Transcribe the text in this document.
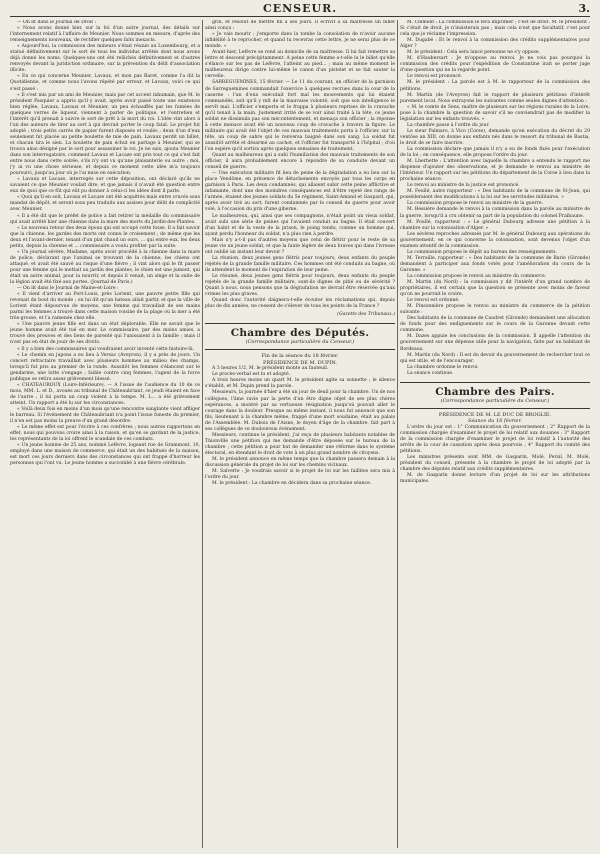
CENSEUR.	3.

— On lit dans le Journal de Droit :

« Nous avons donné hier, sur la foi d'un autre journal, des détails sur l'internement relatif à l'affaire de Meunier. Nous sommes en mesure, d'après des renseignements nouveaux, de rectifier quelques faits inexacts.

« Aujourd'hui, la commission des mineurs s'était réunie au Luxembourg, et a statué définitivement sur le sort de tous les individus arrêtés dont nous avons déjà donné les noms. Quelques-uns ont été relâchés définitivement et d'autres renvoyés devant la juridiction ordinaire, sur la prévention du délit d'association illicite.

« En ce qui concerne Meunier, Lavaux, et mon pas Baret, comme l'a dit la Quotidienne, et comme nous l'avons répété par erreur, et Lavaux, voici ce qui s'est passé :

« Il s'est mis par un ami de Meunier, mais par cet accent inhumain, que M. le président Pasquier a appris qu'il y avait, après avoir passé toute une existence bien réglée, Lavaux, Lavaux et Meunier, un peu échauffés par les fumées de quelques verres de liqueur, viennent à parler de politique, et l'entretien et l'intérêt qu'il prenait à suivre le sort de prêt à la mort du roi. L'idée vint alors à l'un des auteurs de tirer au sort à qui devrait porter le coup fatal. Le projet fut adopté ; trois petits carrés de papier furent disposés et roulés ; deux d'un d'eux seulement fut placée au petite boulette de mie de pain. Lavaux perdit un billet, et chacun tira le sien. La boulette de pain échut en partage à Meunier, qui se trouva ainsi désigné par le sort pour assassiner le roi. Je ne sais, ajouta Meunier dans son interrogatoire, comment Lavaux et Lacaze ont pris tout ce qui s'est fait entre nous dans cette soirée, s'ils n'y ont vu qu'une plaisanterie ou autre ; moi, j'y ai vu une chose sérieuse, et depuis ce moment cette idée m'a toujours poursuivi, jusqu'au jour où je l'ai mise en exécution.

« Lavaux et Lacaze, interrogés sur cette déposition, ont déclaré qu'ils ne savaient ce que Meunier voulait dire, et que jamais il n'avait été question entre eux de quoi que ce fût qui eût pu donner à celui-ci les idées dont il parle.

« Quoi qu'il en soit, Lavaux et Lacaze ont été acquittés mais entre crucés sous mandat de dépôt, et seront sous peu traduits aux assises pour délit de complicité avec Meunier.

« Il a été dit que le préfet de police a fait retirer la médaille du commissaire qui avait arrêté hier une chienne dans la mare des morts du Jardin-des-Plantes.

« Le nouveau retour des deux époux qui ont occupé cette fosse. Il a fait savoir que la chienne, les gardes des morts ont connu le croisement ; de même que les deux et l'avant-dernier, tenant d'un plat chaud un ours, ... qui entre eux, les deux petits, depuis la chienne et ... commissaire a voulu profiter par la suite.

« Un journal sévère, Madame, après avoir procédé à la chienne dans la mare de police, déclarant que l'animal se trouvant de la chienne, les chiens ont attaqué, et avait été sauvé au risque d'une fièvre ; il vint alors qui le fit passer pour une femme qui le mettait au jardin des plantes, le chien est une jument, qui était un autre animal, pour la nourrir, et depuis il venait, un singe et la suite de la légion avait été fixé aux portes. (Journal de Paris.)

— On lit dans le Journal de Maine-et-Loire :

« Il vient d'arriver au Port-Louis, près Lorient, une pauvre petite fille qui revenait du bout du monde ; on lui dit qu'un bateau allait partir, et que la ville de Lorient étant dépourvue de moyens, une femme qui travaillait de ses mains parmi les femmes a trouvé dans cette maison voisine de la plage où la mer a été très-grosse, et l'a ramenée chez elle.

« Une pauvre jeune fille est dans un état déplorable. Elle ne savait que le jeune homme avait été tué en mer. Le commissaire, par des mains amies, a trouvé des preuves et des liens de parenté qui l'unissaient à la famille ; mais il n'est pas en état de jouir de ses droits.

« Il y a bien des commissaires qui voudraient avoir inventé cette histoire-là.

« Le chemin en jupons a eu lieu à Versac (Aveyron), il y a près de jours. Un concert refractaire travaillait avec plusieurs hommes au milieu des champs, lorsqu'il fut pris au premier de la ronde. Aussitôt les femmes s'élancent sur le gendarme, une lutte s'engage ; faible contre cinq femmes, l'agent de la force publique se retira assez grièvement blessé.

« CHATEAUROUX (Loire-Inférieure). — A l'issue de l'audience du 10 de ce mois, MM. L. et D., avoués au tribunal de Châteaubriant, ce jeudi étaient en face de l'autre ; il lui porta un coup violent à la tempe. M. L... a été grièvement atteint. Un rapport a été lu sur les circonstances.

« Voilà deux fois en moins d'un mois qu'une rencontre sanglante vient affliger le barreau. Si l'événement de Châteaubriant n'a point l'issue funeste du premier, il n'en est pas moins la preuve d'un grand désordre.

« Le même effet est pour l'écrire à ces confrères ; nous autres rapportons en effet, nous qui pouvons croire ainsi à la raison, et qu'en se gardant de la justice, les représentants de la loi offrent le scandale de ces combats.

« Un jeune homme de 25 ans, nommé Lefèvre, logeant rue de Grammont, 10, employé dans une maison de commerce, qui était un des habitués de la maison, est mort ces jours derniers dans des circonstances qui ont frappé d'horreur les personnes qui l'ont vu. Le jeune homme a succombé à une fièvre cérébrale.

grin, et résolut de mettre fin à ses jours. Il écrivit à sa maîtresse un billet ainsi conçu :

« Je vais mourir ; j'emporte dans la tombe la consolation de n'avoir aucune infidélité à te reprocher, et quand tu recevras cette lettre, je ne serai plus de ce monde. »

Avant-hier, Lefèvre se rend au domicile de sa maîtresse. Il lui fait remettre sa lettre et descend précipitamment. A peine cette femme a-t-elle lu le billet qu'elle s'élance sur les pas de Lefèvre, l'atteint au pied... ; mais au même moment le malheureux dirige contre lui-même le canon d'un pistolet et se fait sauter la cervelle.

SARREGUEMINES, 15 février. — Le 11 du courant, un officier de la garnison de Sarreguemines commandait l'exercice à quelques recrues dans la cour de la caserne : l'un d'eux exécutait fort mal les mouvements qui lui étaient commandés, soit qu'il y mît de la mauvaise volonté, soit que son intelligence le servît mal. L'officier s'emporta et le frappa à plusieurs reprises de la cravache qu'il tenait à la main. Justement irrité de se voir ainsi traité à la tête, ce jeune soldat ne dissimula pas son mécontentement, et menaça son officier ; la réponse à cette menace avait été un nouveau coup de cravache à travers la figure. Le militaire qui avait été l'objet de ces mauvais traitements porta à l'officier, sur la tête, un coup de sabre qui le renversa baigné dans son sang. La soldat fut aussitôt arrêté et désarmé au cachot, et l'officier fut transporté à l'hôpital ; d'où l'on espère qu'il sortira après quelques semaines de traitement.

Quant au malheureux qui a subi l'humiliation des mauvais traitements de son officier, il aura probablement encore à répondre de sa conduite devant un conseil de guerre.

— Une exécution militaire fit lieu de peine de la dégradation a eu lieu sur la place Vendôme, en présence de détachements envoyés par tous les corps en garnison à Paris. Les deux condamnés, qui allaient subir cette peine afflictive et infamante, dont une des moindres conséquences est d'être rejeté des rangs de l'armée, étaient des jeunes soldats du 5e régiment, Saint-Amand et Gaspard, qui, après avoir tiré au sort, furent condamnés par le conseil de guerre pour avoir volé, à l'occasion du prix d'une giberne.

Le malheureux, qui, ainsi que ses compagnons, n'était point un vieux soldat, avait subi une série de peines qui l'avaient conduit au bagne. Il était couvert d'un habit et de la veste de la prison, le poing tendu, comme un homme qui, ayant perdu l'honneur du soldat, n'a plus rien à perdre.

Mais n'y a-t-il pas d'autres moyens que celui de flétrir pour le reste de sa jeune vie un jeune soldat, et que la faute légère de deux braves qui dans l'ivresse ont oublié un instant leur devoir ?

La réunion, deux jeunes gens flétris pour toujours, deux enfants du peuple rejetés de la grande famille militaire. Ces hommes ont été conduits au bagne, où ils attendent le moment de l'expiration de leur peine.

Le résumé, deux jeunes gens flétris pour toujours, deux enfants du peuple rejetés de la grande famille militaire, sont-ils dignes de pitié ou de sévérité ? Quant à nous, nous pensons que la dégradation ne devrait être réservée qu'aux crimes les plus graves.

Quand donc l'autorité daignera-t-elle écouter les réclamations qui, depuis plus de dix années, ne cessent de s'élever de tous les points de la France ?

(Gazette des Tribunaux.)

Chambre des Députés.
(Correspondance particulière du Censeur.)

Fin de la séance du 18 février.

PRÉSIDENCE DE M. DUPIN.

A 3 heures 1/2, M. le président monte au fauteuil.

Le procès-verbal est lu et adopté.

A trois heures moins un quart M. le président agite sa sonnette ; le silence s'établit, et M. Dupin prend la parole.

Messieurs, la journée d'hier a été un jour de deuil pour la chambre. Un de nos collègues, l'âme ravie par la perte d'un être digne objet de ses plus chères espérances, a montré par sa vertueuse résignation jusqu'où pouvait aller le courage dans la douleur. Presque au même instant, il nous fut annoncé que son fils, lieutenant à la chambre même, frappé d'une mort soudaine, était au palais de l'Assemblée. M. Dubois de l'Aisne, le doyen d'âge de la chambre, fait part à ses collègues de ce douloureux événement.

Messieurs, continue le président, j'ai reçu de plusieurs habitants notables de Thionville une pétition qui me demande d'être déposée sur le bureau de la chambre ; cette pétition a pour but de demander une réforme dans le système électoral, en étendant le droit de vote à un plus grand nombre de citoyens.

M. le président annonce en même temps que la chambre passera demain à la discussion générale du projet de loi sur les chemins vicinaux.

M. Salverte : Je voudrais savoir si le projet de loi sur les faillites sera mis à l'ordre du jour.

M. le président : La chambre en décidera dans sa prochaine séance.

M. Clément : La commission le fera imprimer ; c'est de droit. M. le président : Si c'était de droit, je n'insisterais pas ; mais cela n'est que facultatif, c'est pour cela que je réclame l'impression.

M. Dugabé : Et le renvoi à la commission des crédits supplémentaires pour Alger ?

M. le président : Cela sera lancé personne ne s'y oppose.

M. d'Haubersart : Je m'oppose au renvoi. Je ne vois pas pourquoi la commission des crédits pour l'expédition de Constantine irait se porter juge d'une question qui ne la regarde point.

Le renvoi est prononcé.

M. le président : La parole est à M. le rapporteur de la commission des pétitions.

M. Martin (de l'Aveyron) fait le rapport de plusieurs pétitions d'intérêt purement local. Nous extrayons les suivantes comme seules dignes d'attention :

« M. le comte de Sens, maître de plusieurs sur les régions rurales de la Loire, pose à la chambre la question de savoir s'il ne conviendrait pas de modifier la législation sur les enfants trouvés. »

La chambre passe à l'ordre du jour.

Le sieur Palmaro, à Vico (Corse), demande qu'en exécution du décret du 29 ventôse an XIII, on donne aux enfants nés dans le ressort du tribunal de Bastia, le droit de se faire inscrire.

La commission déclare que jamais il n'y a eu de fonds fixés pour l'exécution de la loi ; en conséquence, elle propose l'ordre du jour.

M. Lherbette : L'attention avec laquelle la chambre a entendu le rapport me dispense d'ajouter des observations, et je demande le renvoi au ministre de l'intérieur. Un rapport sur les pétitions du département de la Corse à lieu dans la prochaine séance.

Le renvoi au ministre de la justice est prononcé.

M. Feuilé, autre rapporteur : « Des habitants de la commune de St-Jean, qui posséderaient des modifications à la loi sur les servitudes militaires. »

La commission propose le renvoi au ministre de la guerre.

M. Bessière demande le renvoi à la commission dans la parole au ministre de la guerre, lorsqu'il a cru obtenir sa part de la population du colonel Pralbaune.

M. Poullé, rapporteur : « Le général Dubourg adresse une pétition à la chambre sur la colonisation d'Alger. »

Les sévères reproches adressés par M. le général Dubourg aux opérations du gouvernement, en ce qui concerne la colonisation, sont devenus l'objet d'un examen attentif de la commission.

La commission propose le dépôt au bureau des renseignements.

M. Terraille, rapporteur : « Des habitants de la commune de Barie (Gironde) demandent à participer aux fonds votés pour l'amélioration du cours de la Garonne. »

La commission propose le renvoi au ministre du commerce.

M. Martin (du Nord) : la commission y dit l'intérêt d'un grand nombre de propriétaires, il est certain que la question se présente avec moins de faveur qu'on ne pourrait le croire.

Le renvoi est ordonné.

M. Pinsonnière propose le renvoi au ministre du commerce de la pétition suivante :

Des habitants de la commune de Caudret (Gironde) demandent une allocation de fonds pour des endiguements sur le cours de la Garonne devant cette commune.

M. Dazes appuie les conclusions de la commission. Il appelle l'attention du gouvernement sur une dépense utile pour la navigation, faite par un habitant de Bordeaux.

M. Martin (du Nord) : Il est du devoir du gouvernement de rechercher tout ce qui est utile, et de l'encourager.

La chambre ordonne le renvoi.

La séance continue.

Chambre des Pairs.
(Correspondance particulière du Censeur.)

PRÉSIDENCE DE M. LE DUC DE BROGLIE.

Séance du 18 février.

L'ordre du jour est : 1° Communication du gouvernement ; 2° Rapport de la commission chargée d'examiner le projet de loi relatif aux douanes ; 3° Rapport de la commission chargée d'examiner le projet de loi relatif à l'autorité des arrêts de la cour de cassation après deux pourvois ; 4° Rapport du comité des pétitions.

Les ministres présents sont MM. de Gasparin, Molé, Persil, M. Molé, président du conseil, présente à la chambre le projet de loi adopté par la chambre des députés relatif aux crédits supplémentaires.

M. de Gasparin donne lecture d'un projet de loi sur les attributions municipales.
